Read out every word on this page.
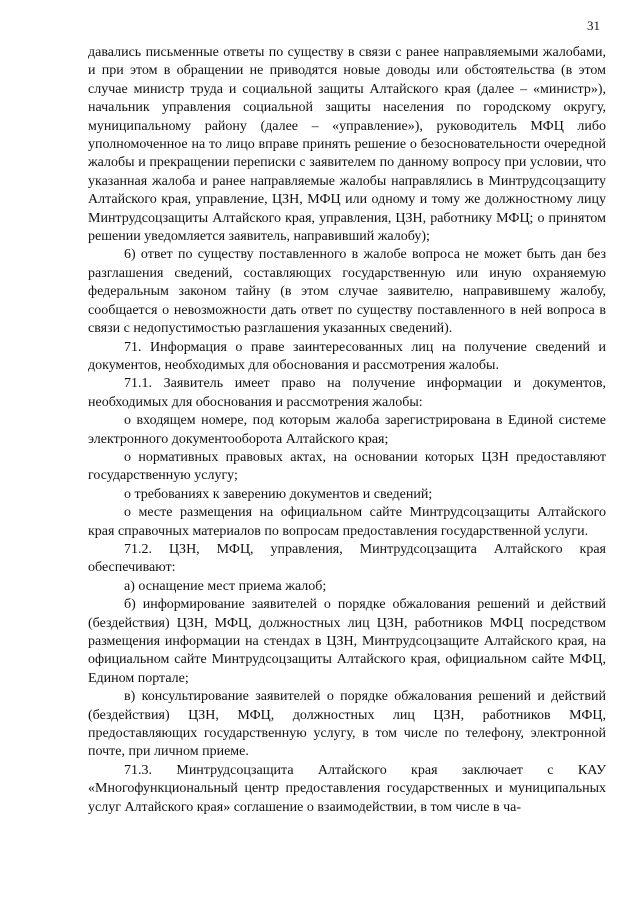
31

давались письменные ответы по существу в связи с ранее направляемыми жалобами, и при этом в обращении не приводятся новые доводы или обстоятельства (в этом случае министр труда и социальной защиты Алтайского края (далее – «министр»), начальник управления социальной защиты населения по городскому округу, муниципальному району (далее – «управление»), руководитель МФЦ либо уполномоченное на то лицо вправе принять решение о безосновательности очередной жалобы и прекращении переписки с заявителем по данному вопросу при условии, что указанная жалоба и ранее направляемые жалобы направлялись в Минтрудсоцзащиту Алтайского края, управление, ЦЗН, МФЦ или одному и тому же должностному лицу Минтрудсоцзащиты Алтайского края, управления, ЦЗН, работнику МФЦ; о принятом решении уведомляется заявитель, направивший жалобу);

6) ответ по существу поставленного в жалобе вопроса не может быть дан без разглашения сведений, составляющих государственную или иную охраняемую федеральным законом тайну (в этом случае заявителю, направившему жалобу, сообщается о невозможности дать ответ по существу поставленного в ней вопроса в связи с недопустимостью разглашения указанных сведений).

71. Информация о праве заинтересованных лиц на получение сведений и документов, необходимых для обоснования и рассмотрения жалобы.

71.1. Заявитель имеет право на получение информации и документов, необходимых для обоснования и рассмотрения жалобы:

о входящем номере, под которым жалоба зарегистрирована в Единой системе электронного документооборота Алтайского края;

о нормативных правовых актах, на основании которых ЦЗН предоставляют государственную услугу;

о требованиях к заверению документов и сведений;

о месте размещения на официальном сайте Минтрудсоцзащиты Алтайского края справочных материалов по вопросам предоставления государственной услуги.

71.2. ЦЗН, МФЦ, управления, Минтрудсоцзащита Алтайского края обеспечивают:

а) оснащение мест приема жалоб;

б) информирование заявителей о порядке обжалования решений и действий (бездействия) ЦЗН, МФЦ, должностных лиц ЦЗН, работников МФЦ посредством размещения информации на стендах в ЦЗН, Минтрудсоцзащите Алтайского края, на официальном сайте Минтрудсоцзащиты Алтайского края, официальном сайте МФЦ, Едином портале;

в) консультирование заявителей о порядке обжалования решений и действий (бездействия) ЦЗН, МФЦ, должностных лиц ЦЗН, работников МФЦ, предоставляющих государственную услугу, в том числе по телефону, электронной почте, при личном приеме.

71.3. Минтрудсоцзащита Алтайского края заключает с КАУ «Многофункциональный центр предоставления государственных и муниципальных услуг Алтайского края» соглашение о взаимодействии, в том числе в ча-
